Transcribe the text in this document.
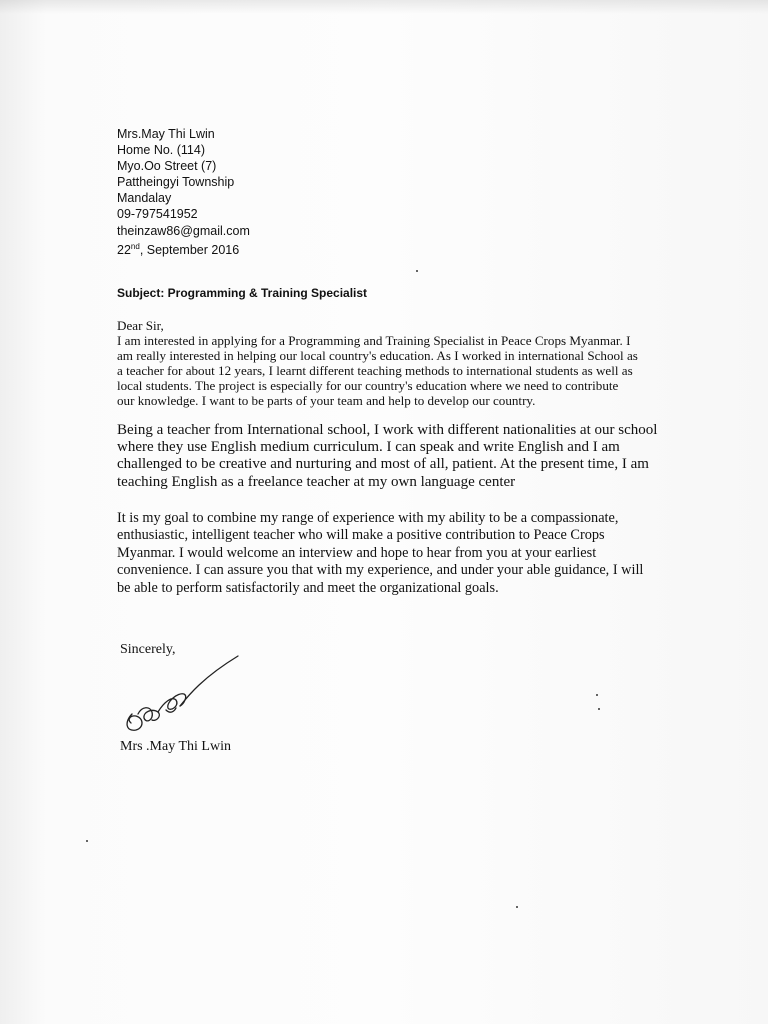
Mrs.May Thi Lwin
Home No. (114)
Myo.Oo Street (7)
Pattheingyi Township
Mandalay
09-797541952
theinzaw86@gmail.com
22nd, September 2016
Subject: Programming & Training Specialist
Dear Sir,
I am interested in applying for a Programming and Training Specialist in Peace Crops Myanmar. I
am really interested in helping our local country's education. As I worked in international School as
a teacher for about 12 years, I learnt different teaching methods to international students as well as
local students. The project is especially for our country's education where we need to contribute
our knowledge. I want to be parts of your team and help to develop our country.
Being a teacher from International school, I work with different nationalities at our school
where they use English medium curriculum. I can speak and write English and I am
challenged to be creative and nurturing and most of all, patient. At the present time, I am
teaching English as a freelance teacher at my own language center
It is my goal to combine my range of experience with my ability to be a compassionate,
enthusiastic, intelligent teacher who will make a positive contribution to Peace Crops
Myanmar. I would welcome an interview and hope to hear from you at your earliest
convenience. I can assure you that with my experience, and under your able guidance, I will
be able to perform satisfactorily and meet the organizational goals.
Sincerely,
Mrs .May Thi Lwin
